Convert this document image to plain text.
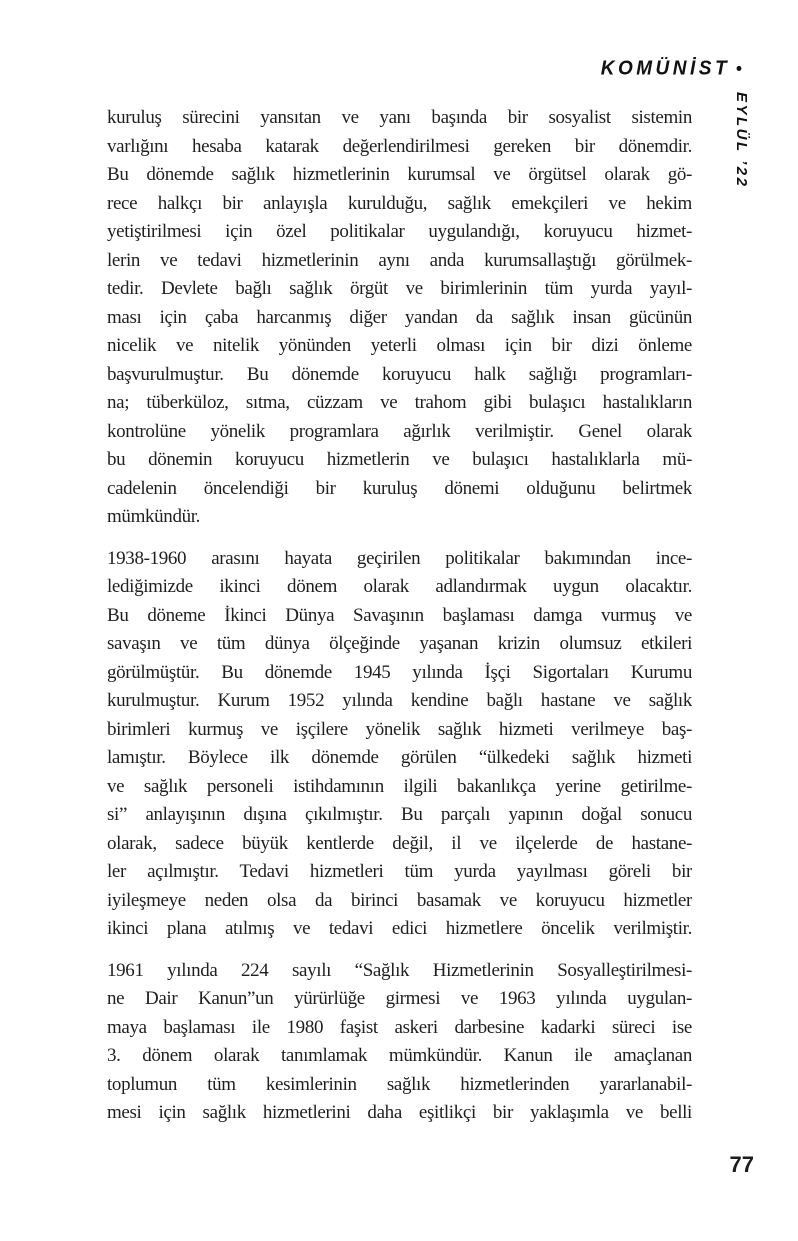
KOMÜNİST •
EYLÜL ’22
kuruluş sürecini yansıtan ve yanı başında bir sosyalist sistemin
varlığını hesaba katarak değerlendirilmesi gereken bir dönemdir.
Bu dönemde sağlık hizmetlerinin kurumsal ve örgütsel olarak gö-
rece halkçı bir anlayışla kurulduğu, sağlık emekçileri ve hekim
yetiştirilmesi için özel politikalar uygulandığı, koruyucu hizmet-
lerin ve tedavi hizmetlerinin aynı anda kurumsallaştığı görülmek-
tedir. Devlete bağlı sağlık örgüt ve birimlerinin tüm yurda yayıl-
ması için çaba harcanmış diğer yandan da sağlık insan gücünün
nicelik ve nitelik yönünden yeterli olması için bir dizi önleme
başvurulmuştur. Bu dönemde koruyucu halk sağlığı programları-
na; tüberküloz, sıtma, cüzzam ve trahom gibi bulaşıcı hastalıkların
kontrolüne yönelik programlara ağırlık verilmiştir. Genel olarak
bu dönemin koruyucu hizmetlerin ve bulaşıcı hastalıklarla mü-
cadelenin öncelendiği bir kuruluş dönemi olduğunu belirtmek
mümkündür.
1938-1960 arasını hayata geçirilen politikalar bakımından ince-
lediğimizde ikinci dönem olarak adlandırmak uygun olacaktır.
Bu döneme İkinci Dünya Savaşının başlaması damga vurmuş ve
savaşın ve tüm dünya ölçeğinde yaşanan krizin olumsuz etkileri
görülmüştür. Bu dönemde 1945 yılında İşçi Sigortaları Kurumu
kurulmuştur. Kurum 1952 yılında kendine bağlı hastane ve sağlık
birimleri kurmuş ve işçilere yönelik sağlık hizmeti verilmeye baş-
lamıştır. Böylece ilk dönemde görülen “ülkedeki sağlık hizmeti
ve sağlık personeli istihdamının ilgili bakanlıkça yerine getirilme-
si” anlayışının dışına çıkılmıştır. Bu parçalı yapının doğal sonucu
olarak, sadece büyük kentlerde değil, il ve ilçelerde de hastane-
ler açılmıştır. Tedavi hizmetleri tüm yurda yayılması göreli bir
iyileşmeye neden olsa da birinci basamak ve koruyucu hizmetler
ikinci plana atılmış ve tedavi edici hizmetlere öncelik verilmiştir.
1961 yılında 224 sayılı “Sağlık Hizmetlerinin Sosyalleştirilmesi-
ne Dair Kanun”un yürürlüğe girmesi ve 1963 yılında uygulan-
maya başlaması ile 1980 faşist askeri darbesine kadarki süreci ise
3. dönem olarak tanımlamak mümkündür. Kanun ile amaçlanan
toplumun tüm kesimlerinin sağlık hizmetlerinden yararlanabil-
mesi için sağlık hizmetlerini daha eşitlikçi bir yaklaşımla ve belli
77
